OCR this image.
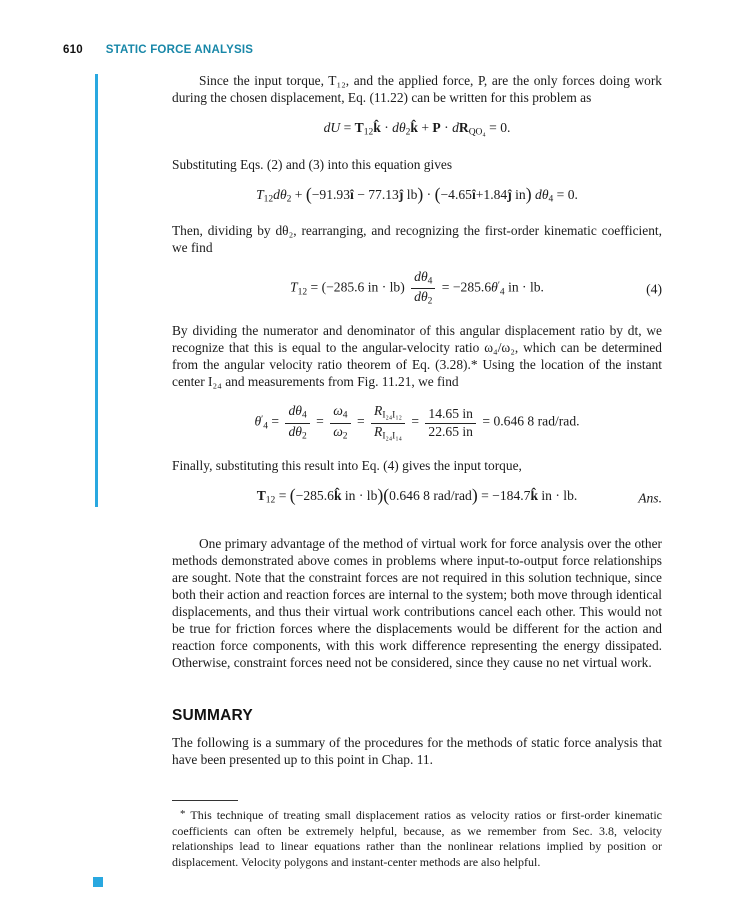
610 STATIC FORCE ANALYSIS

Since the input torque, T₁₂, and the applied force, P, are the only forces doing work during the chosen displacement, Eq. (11.22) can be written for this problem as

dU = T12k̂ · dθ2k̂ + P · dRQO₄ = 0.

Substituting Eqs. (2) and (3) into this equation gives

T12dθ2 + (−91.93î − 77.13ĵ lb) · (−4.65î+1.84ĵ in) dθ4 = 0.

Then, dividing by dθ₂, rearranging, and recognizing the first-order kinematic coefficient, we find

T12 = (−285.6 in · $lb) \frac{d\theta 4}{d\theta 2} = -285.6\theta'4$ in · lb.	(4)

By dividing the numerator and denominator of this angular displacement ratio by dt, we recognize that this is equal to the angular-velocity ratio ω₄/ω₂, which can be determined from the angular velocity ratio theorem of Eq. (3.28).* Using the location of the instant center I₂₄ and measurements from Fig. 11.21, we find

$\theta'4 = \frac{d\theta 4}{d\theta 2} = \frac{\omega 4}{\omega 2} = \frac{\text{RI₂₄I₁₂}}{\text{RI₂₄I₁₄}} = \frac{14.65 in}{22.65 in} = 0.646$ 8 rad/rad.

Finally, substituting this result into Eq. (4) gives the input torque,

T12 = (−285.6k̂ in · lb)(0.646 8 rad/rad) = −184.7k̂ in · lb.	Ans.

One primary advantage of the method of virtual work for force analysis over the other methods demonstrated above comes in problems where input-to-output force relationships are sought. Note that the constraint forces are not required in this solution technique, since both their action and reaction forces are internal to the system; both move through identical displacements, and thus their virtual work contributions cancel each other. This would not be true for friction forces where the displacements would be different for the action and reaction force components, with this work difference representing the energy dissipated. Otherwise, constraint forces need not be considered, since they cause no net virtual work.

SUMMARY

The following is a summary of the procedures for the methods of static force analysis that have been presented up to this point in Chap. 11.

* This technique of treating small displacement ratios as velocity ratios or first-order kinematic coefficients can often be extremely helpful, because, as we remember from Sec. 3.8, velocity relationships lead to linear equations rather than the nonlinear relations implied by position or displacement. Velocity polygons and instant-center methods are also helpful.
